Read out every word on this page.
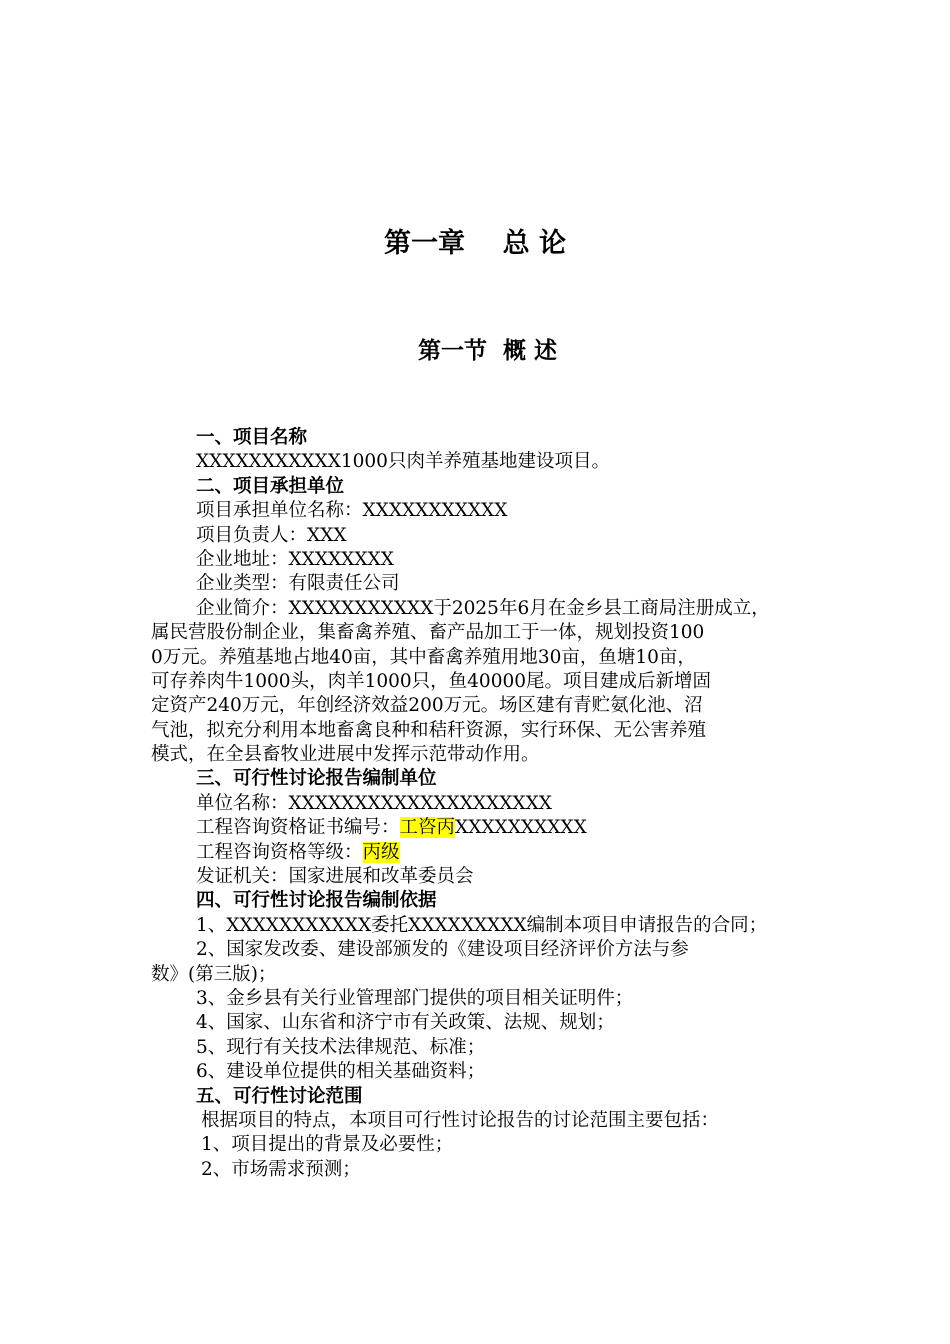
第一章    总 论
第一节  概 述
一、项目名称
XXXXXXXXXXX1000只肉羊养殖基地建设项目。
二、项目承担单位
项目承担单位名称：XXXXXXXXXXX
项目负责人：XXX
企业地址：XXXXXXXX
企业类型：有限责任公司
企业简介：XXXXXXXXXXX于2025年6月在金乡县工商局注册成立，
属民营股份制企业，集畜禽养殖、畜产品加工于一体，规划投资100
0万元。养殖基地占地40亩，其中畜禽养殖用地30亩，鱼塘10亩，
可存养肉牛1000头，肉羊1000只，鱼40000尾。项目建成后新增固
定资产240万元，年创经济效益200万元。场区建有青贮氨化池、沼
气池，拟充分利用本地畜禽良种和秸秆资源，实行环保、无公害养殖
模式，在全县畜牧业进展中发挥示范带动作用。
三、可行性讨论报告编制单位
单位名称：XXXXXXXXXXXXXXXXXXXX
工程咨询资格证书编号：工咨丙XXXXXXXXXX
工程咨询资格等级：丙级
发证机关：国家进展和改革委员会
四、可行性讨论报告编制依据
1、XXXXXXXXXXX委托XXXXXXXXX编制本项目申请报告的合同；
2、国家发改委、建设部颁发的《建设项目经济评价方法与参
数》(第三版)；
3、金乡县有关行业管理部门提供的项目相关证明件；
4、国家、山东省和济宁市有关政策、法规、规划；
5、现行有关技术法律规范、标准；
6、建设单位提供的相关基础资料；
五、可行性讨论范围
根据项目的特点，本项目可行性讨论报告的讨论范围主要包括：
1、项目提出的背景及必要性；
2、市场需求预测；
